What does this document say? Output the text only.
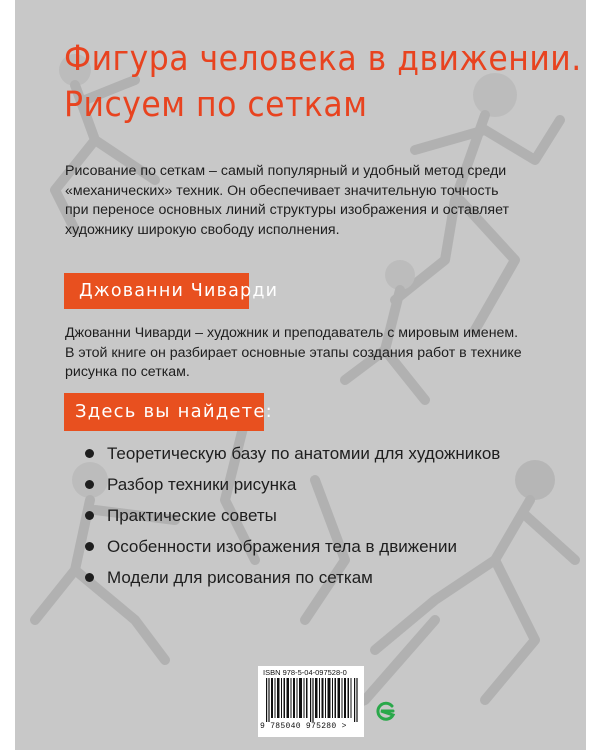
Фигура человека в движении.
Рисуем по сеткам
Рисование по сеткам – самый популярный и удобный метод среди
«механических» техник. Он обеспечивает значительную точность
при переносе основных линий структуры изображения и оставляет
художнику широкую свободу исполнения.
Джованни Чиварди
Джованни Чиварди – художник и преподаватель с мировым именем.
В этой книге он разбирает основные этапы создания работ в технике
рисунка по сеткам.
Здесь вы найдете:
Теоретическую базу по анатомии для художников
Разбор техники рисунка
Практические советы
Особенности изображения тела в движении
Модели для рисования по сеткам
ISBN 978-5-04-097528-0
9 785040 975280 >
